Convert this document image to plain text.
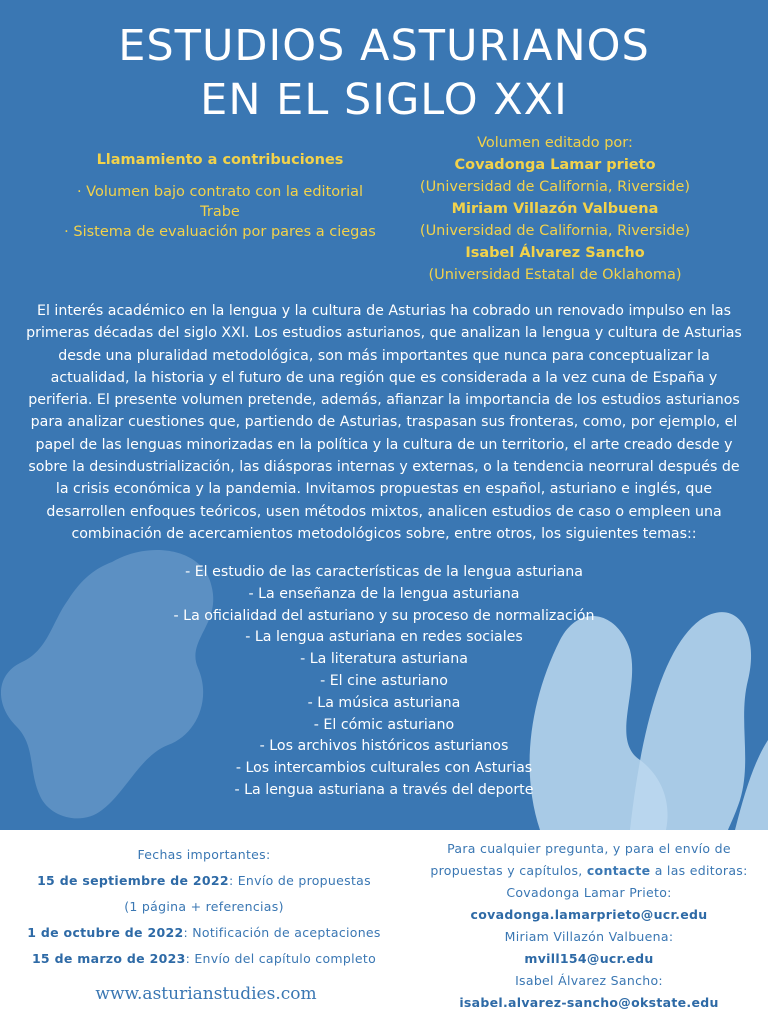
ESTUDIOS ASTURIANOS
EN EL SIGLO XXI
Llamamiento a contribuciones
· Volumen bajo contrato con la editorial Trabe
· Sistema de evaluación por pares a ciegas
Volumen editado por:
Covadonga Lamar prieto
(Universidad de California, Riverside)
Miriam Villazón Valbuena
(Universidad de California, Riverside)
Isabel Álvarez Sancho
(Universidad Estatal de Oklahoma)

El interés académico en la lengua y la cultura de Asturias ha cobrado un renovado impulso en las primeras décadas del siglo XXI. Los estudios asturianos, que analizan la lengua y cultura de Asturias desde una pluralidad metodológica, son más importantes que nunca para conceptualizar la actualidad, la historia y el futuro de una región que es considerada a la vez cuna de España y periferia. El presente volumen pretende, además, afianzar la importancia de los estudios asturianos para analizar cuestiones que, partiendo de Asturias, traspasan sus fronteras, como, por ejemplo, el papel de las lenguas minorizadas en la política y la cultura de un territorio, el arte creado desde y sobre la desindustrialización, las diásporas internas y externas, o la tendencia neorrural después de la crisis económica y la pandemia. Invitamos propuestas en español, asturiano e inglés, que desarrollen enfoques teóricos, usen métodos mixtos, analicen estudios de caso o empleen una combinación de acercamientos metodológicos sobre, entre otros, los siguientes temas::

- El estudio de las características de la lengua asturiana
- La enseñanza de la lengua asturiana
- La oficialidad del asturiano y su proceso de normalización
- La lengua asturiana en redes sociales
- La literatura asturiana
- El cine asturiano
- La música asturiana
- El cómic asturiano
- Los archivos históricos asturianos
- Los intercambios culturales con Asturias
- La lengua asturiana a través del deporte
Fechas importantes:
15 de septiembre de 2022: Envío de propuestas
(1 página + referencias)
1 de octubre de 2022: Notificación de aceptaciones
15 de marzo de 2023: Envío del capítulo completo
www.asturianstudies.com
Para cualquier pregunta, y para el envío de
propuestas y capítulos, contacte a las editoras:
Covadonga Lamar Prieto:
covadonga.lamarprieto@ucr.edu
Miriam Villazón Valbuena:
mvill154@ucr.edu
Isabel Álvarez Sancho:
isabel.alvarez-sancho@okstate.edu
